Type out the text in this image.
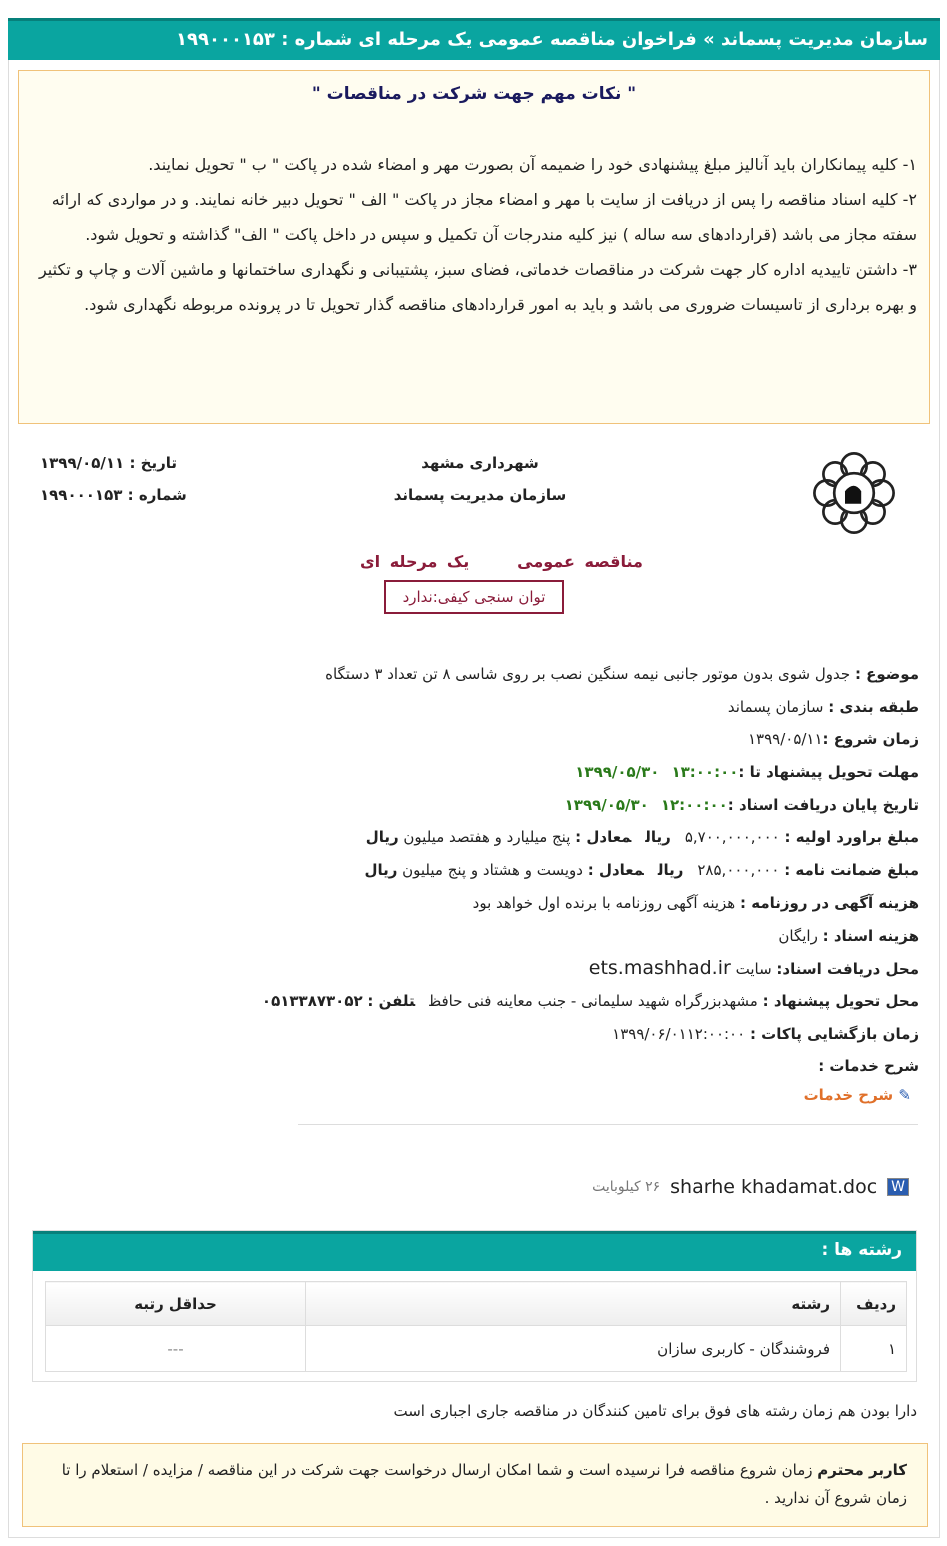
سازمان مدیریت پسماند » فراخوان مناقصه عمومی یک مرحله ای شماره : ۱۹۹۰۰۰۱۵۳
" نکات مهم جهت شرکت در مناقصات "
۱- کلیه پیمانکاران باید آنالیز مبلغ پیشنهادی خود را ضمیمه آن بصورت مهر و امضاء شده در پاکت " ب " تحویل نمایند.
۲- کلیه اسناد مناقصه را پس از دریافت از سایت با مهر و امضاء مجاز در پاکت " الف " تحویل دبیر خانه نمایند. و در مواردی که ارائه سفته مجاز می باشد (قراردادهای سه ساله ) نیز کلیه مندرجات آن تکمیل و سپس در داخل پاکت " الف" گذاشته و تحویل شود.
۳- داشتن تاییدیه اداره کار جهت شرکت در مناقصات خدماتی، فضای سبز، پشتیبانی و نگهداری ساختمانها و ماشین آلات و چاپ و تکثیر و بهره برداری از تاسیسات ضروری می باشد و باید به امور قراردادهای مناقصه گذار تحویل تا در پرونده مربوطه نگهداری شود.
شهرداری مشهد
سازمان مدیریت پسماند
تاریخ : ۱۳۹۹/۰۵/۱۱
شماره : ۱۹۹۰۰۰۱۵۳
مناقصه عمومی     یک مرحله ای
توان سنجی کیفی:ندارد
موضوع : جدول شوی بدون موتور جانبی نیمه سنگین نصب بر روی شاسی ۸ تن تعداد ۳ دستگاه
طبقه بندی : سازمان پسماند
زمان شروع :۱۳۹۹/۰۵/۱۱
مهلت تحویل پیشنهاد تا :۱۳۹۹/۰۵/۳۰ ۱۳:۰۰:۰۰
تاریخ پایان دریافت اسناد :۱۳۹۹/۰۵/۳۰ ۱۲:۰۰:۰۰
مبلغ براورد اولیه : ۵,۷۰۰,۰۰۰,۰۰۰ریالمعادل : پنج میلیارد و هفتصد میلیون ریال
مبلغ ضمانت نامه : ۲۸۵,۰۰۰,۰۰۰ریالمعادل : دویست و هشتاد و پنج میلیون ریال
هزینه آگهی در روزنامه : هزینه آگهی روزنامه با برنده اول خواهد بود
هزینه اسناد : رایگان
محل دریافت اسناد: سایت ets.mashhad.ir
محل تحویل پیشنهاد : مشهدبزرگراه شهید سلیمانی - جنب معاینه فنی حافظتلفن : ۰۵۱۳۳۸۷۳۰۵۲
زمان بازگشایی پاکات : ۱۳۹۹/۰۶/۰۱۱۲:۰۰:۰۰
شرح خدمات :
✎ شرح خدمات
W
sharhe khadamat.doc
۲۶ کیلوبایت
رشته ها :
ردیف	رشته	حداقل رتبه
۱	فروشندگان - کاربری سازان	---
دارا بودن هم زمان رشته های فوق برای تامین کنندگان در مناقصه جاری اجباری است
کاربر محترم زمان شروع مناقصه فرا نرسیده است و شما امکان ارسال درخواست جهت شرکت در این مناقصه / مزایده / استعلام را تا زمان شروع آن ندارید .
